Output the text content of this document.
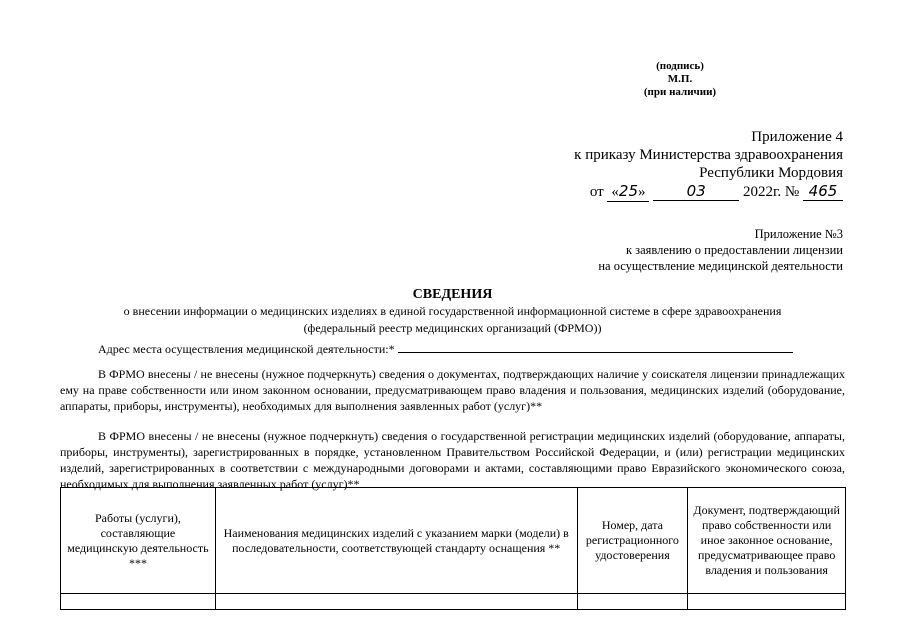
(подпись)
М.П.
(при наличии)
Приложение 4
к приказу Министерства здравоохранения
Республики Мордовия
от «25»	03 2022г. № 465
Приложение №3
к заявлению о предоставлении лицензии
на осуществление медицинской деятельности
СВЕДЕНИЯ
о внесении информации о медицинских изделиях в единой государственной информационной системе в сфере здравоохранения
(федеральный реестр медицинских организаций (ФРМО))
Адрес места осуществления медицинской деятельности:*
В ФРМО внесены / не внесены (нужное подчеркнуть) сведения о документах, подтверждающих наличие у соискателя лицензии принадлежащих ему на праве собственности или ином законном основании, предусматривающем право владения и пользования, медицинских изделий (оборудование, аппараты, приборы, инструменты), необходимых для выполнения заявленных работ (услуг)**
В ФРМО внесены / не внесены (нужное подчеркнуть) сведения о государственной регистрации медицинских изделий (оборудование, аппараты, приборы, инструменты), зарегистрированных в порядке, установленном Правительством Российской Федерации, и (или) регистрации медицинских изделий, зарегистрированных в соответствии с международными договорами и актами, составляющими право Евразийского экономического союза, необходимых для выполнения заявленных работ (услуг)**
Работы (услуги), составляющие медицинскую деятельность ***	Наименования медицинских изделий с указанием марки (модели) в последовательности, соответствующей стандарту оснащения **	Номер, дата регистрационного удостоверения	Документ, подтверждающий право собственности или иное законное основание, предусматривающее право владения и пользования
